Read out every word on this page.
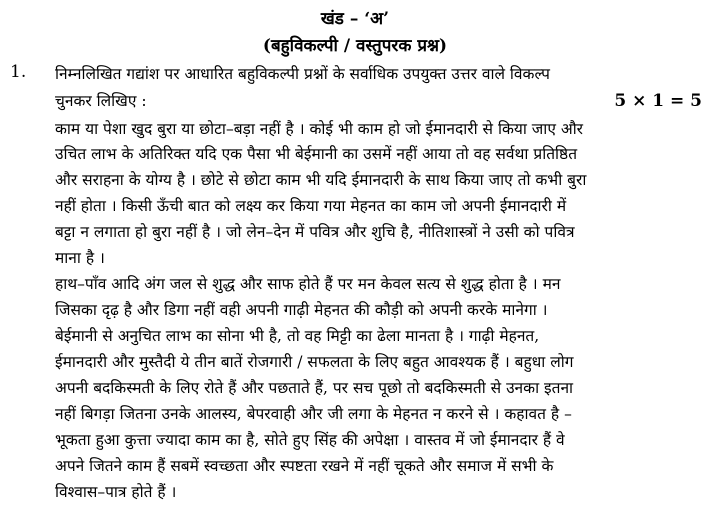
खंड – ‘अ’
(बहुविकल्पी / वस्तुपरक प्रश्न)
1. निम्नलिखित गद्यांश पर आधारित बहुविकल्पी प्रश्नों के सर्वाधिक उपयुक्त उत्तर वाले विकल्प
चुनकर लिखिए :	5 × 1 = 5
काम या पेशा खुद बुरा या छोटा–बड़ा नहीं है । कोई भी काम हो जो ईमानदारी से किया जाए और
उचित लाभ के अतिरिक्त यदि एक पैसा भी बेईमानी का उसमें नहीं आया तो वह सर्वथा प्रतिष्ठित
और सराहना के योग्य है । छोटे से छोटा काम भी यदि ईमानदारी के साथ किया जाए तो कभी बुरा
नहीं होता । किसी ऊँची बात को लक्ष्य कर किया गया मेहनत का काम जो अपनी ईमानदारी में
बट्टा न लगाता हो बुरा नहीं है । जो लेन–देन में पवित्र और शुचि है, नीतिशास्त्रों ने उसी को पवित्र
माना है ।
हाथ–पाँव आदि अंग जल से शुद्ध और साफ होते हैं पर मन केवल सत्य से शुद्ध होता है । मन
जिसका दृढ़ है और डिगा नहीं वही अपनी गाढ़ी मेहनत की कौड़ी को अपनी करके मानेगा ।
बेईमानी से अनुचित लाभ का सोना भी है, तो वह मिट्टी का ढेला मानता है । गाढ़ी मेहनत,
ईमानदारी और मुस्तैदी ये तीन बातें रोजगारी / सफलता के लिए बहुत आवश्यक हैं । बहुधा लोग
अपनी बदकिस्मती के लिए रोते हैं और पछताते हैं, पर सच पूछो तो बदकिस्मती से उनका इतना
नहीं बिगड़ा जितना उनके आलस्य, बेपरवाही और जी लगा के मेहनत न करने से । कहावत है –
भूकता हुआ कुत्ता ज्यादा काम का है, सोते हुए सिंह की अपेक्षा । वास्तव में जो ईमानदार हैं वे
अपने जितने काम हैं सबमें स्वच्छता और स्पष्टता रखने में नहीं चूकते और समाज में सभी के
विश्वास–पात्र होते हैं ।
